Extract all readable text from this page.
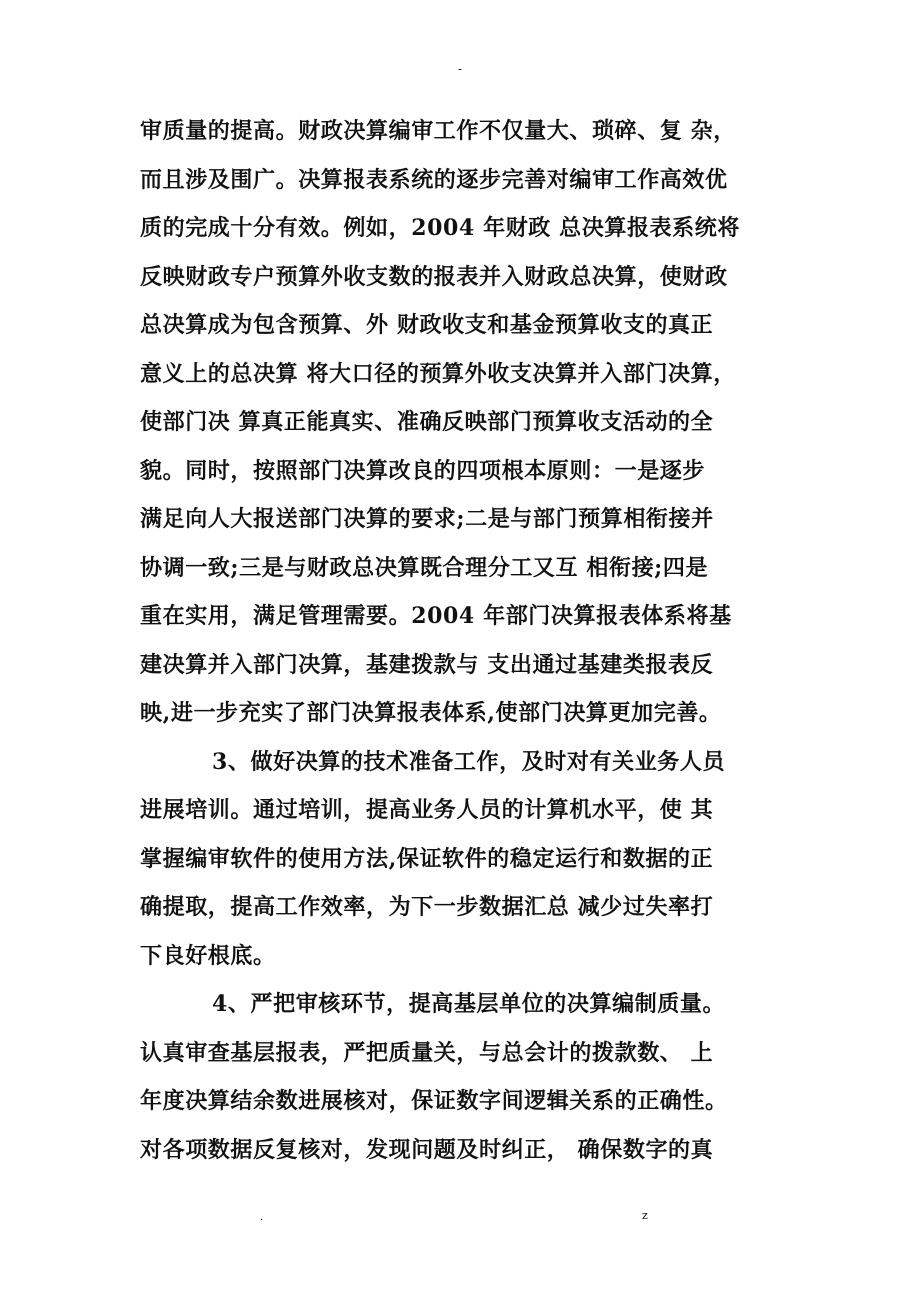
-
审质量的提高。财政决算编审工作不仅量大、琐碎、复 杂，
而且涉及围广。决算报表系统的逐步完善对编审工作高效优
质的完成十分有效。例如，2004 年财政 总决算报表系统将
反映财政专户预算外收支数的报表并入财政总决算，使财政
总决算成为包含预算、外 财政收支和基金预算收支的真正
意义上的总决算 将大口径的预算外收支决算并入部门决算，
使部门决 算真正能真实、准确反映部门预算收支活动的全
貌。同时，按照部门决算改良的四项根本原则：一是逐步
满足向人大报送部门决算的要求;二是与部门预算相衔接并
协调一致;三是与财政总决算既合理分工又互 相衔接;四是
重在实用，满足管理需要。2004 年部门决算报表体系将基
建决算并入部门决算，基建拨款与 支出通过基建类报表反
映,进一步充实了部门决算报表体系,使部门决算更加完善。
3、做好决算的技术准备工作，及时对有关业务人员
进展培训。通过培训，提高业务人员的计算机水平，使 其
掌握编审软件的使用方法,保证软件的稳定运行和数据的正
确提取，提高工作效率，为下一步数据汇总 减少过失率打
下良好根底。
4、严把审核环节，提高基层单位的决算编制质量。
认真审查基层报表，严把质量关，与总会计的拨款数、 上
年度决算结余数进展核对，保证数字间逻辑关系的正确性。
对各项数据反复核对，发现问题及时纠正， 确保数字的真
.	z
